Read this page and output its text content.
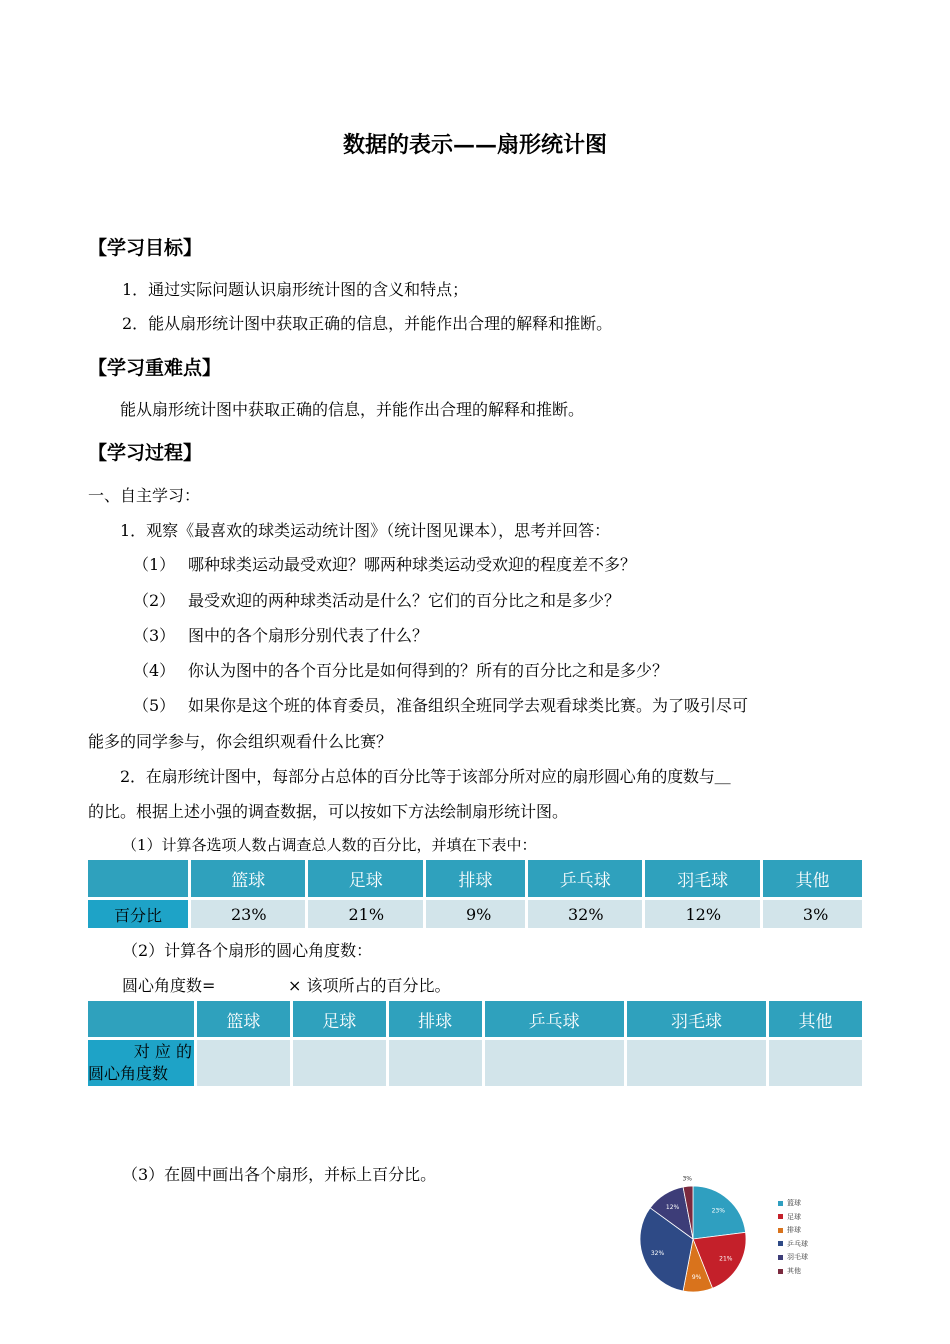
数据的表示——扇形统计图
【学习目标】
1．通过实际问题认识扇形统计图的含义和特点；
2．能从扇形统计图中获取正确的信息，并能作出合理的解释和推断。
【学习重难点】
能从扇形统计图中获取正确的信息，并能作出合理的解释和推断。
【学习过程】
一、自主学习：
1．观察《最喜欢的球类运动统计图》（统计图见课本），思考并回答：
（1） 哪种球类运动最受欢迎？哪两种球类运动受欢迎的程度差不多？
（2） 最受欢迎的两种球类活动是什么？它们的百分比之和是多少？
（3） 图中的各个扇形分别代表了什么？
（4） 你认为图中的各个百分比是如何得到的？所有的百分比之和是多少？
（5） 如果你是这个班的体育委员，准备组织全班同学去观看球类比赛。为了吸引尽可
能多的同学参与，你会组织观看什么比赛？
2．在扇形统计图中，每部分占总体的百分比等于该部分所对应的扇形圆心角的度数与＿
的比。根据上述小强的调查数据，可以按如下方法绘制扇形统计图。
（1）计算各选项人数占调查总人数的百分比，并填在下表中：
	篮球	足球	排球	乒乓球	羽毛球	其他
百分比	23%	21%	9%	32%	12%	3%
（2）计算各个扇形的圆心角度数：
圆心角度数=	× 该项所占的百分比。
	篮球	足球	排球	乒乓球	羽毛球	其他

对 应 的
圆心角度数						

（3）在圆中画出各个扇形，并标上百分比。
23%
21%
9%
32%
12%
3%
篮球
足球
排球
乒乓球
羽毛球
其他
